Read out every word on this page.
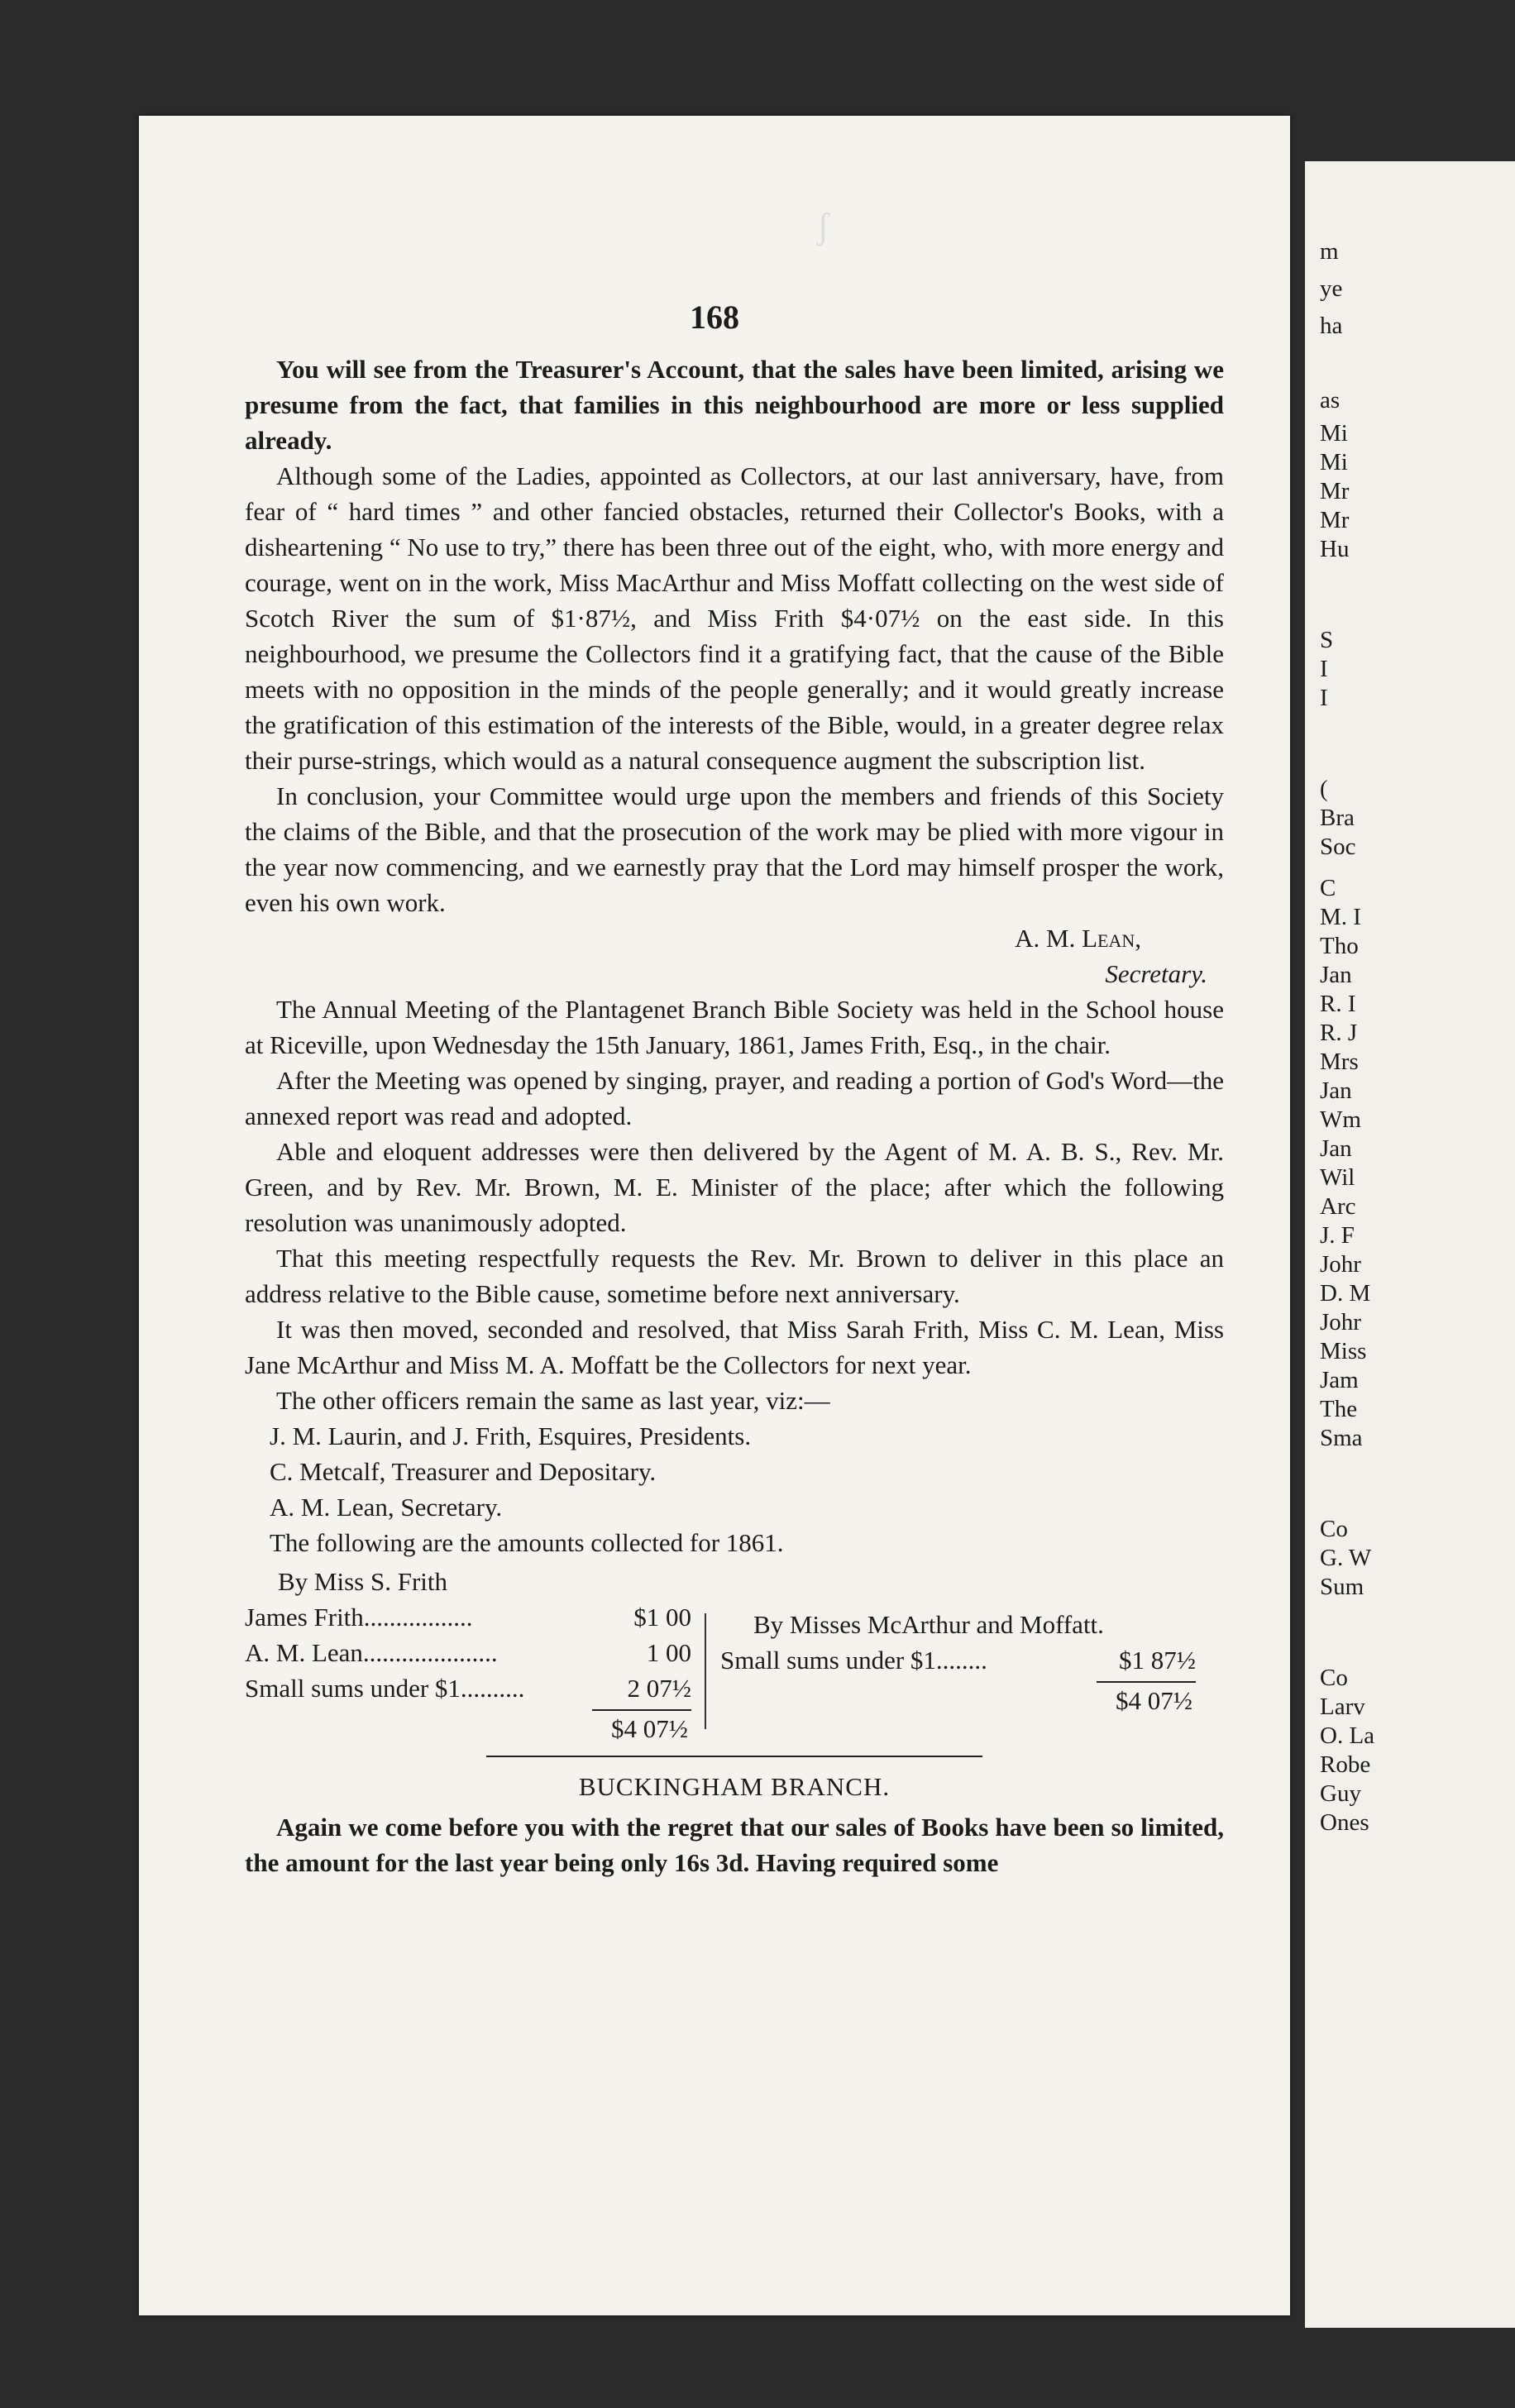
ʃ
168

You will see from the Treasurer's Account, that the sales have been limited, arising we presume from the fact, that families in this neighbourhood are more or less supplied already.

Although some of the Ladies, appointed as Collectors, at our last anniversary, have, from fear of “ hard times ” and other fancied obstacles, returned their Collector's Books, with a disheartening “ No use to try,” there has been three out of the eight, who, with more energy and courage, went on in the work, Miss MacArthur and Miss Moffatt collecting on the west side of Scotch River the sum of $1·87½, and Miss Frith $4·07½ on the east side. In this neighbourhood, we presume the Collectors find it a gratifying fact, that the cause of the Bible meets with no opposition in the minds of the people generally; and it would greatly increase the gratification of this estimation of the interests of the Bible, would, in a greater degree relax their purse-strings, which would as a natural consequence augment the subscription list.

In conclusion, your Committee would urge upon the members and friends of this Society the claims of the Bible, and that the prosecution of the work may be plied with more vigour in the year now commencing, and we earnestly pray that the Lord may himself prosper the work, even his own work.

A. M. Lean,
Secretary.

The Annual Meeting of the Plantagenet Branch Bible Society was held in the School house at Riceville, upon Wednesday the 15th January, 1861, James Frith, Esq., in the chair.

After the Meeting was opened by singing, prayer, and reading a portion of God's Word—the annexed report was read and adopted.

Able and eloquent addresses were then delivered by the Agent of M. A. B. S., Rev. Mr. Green, and by Rev. Mr. Brown, M. E. Minister of the place; after which the following resolution was unanimously adopted.

That this meeting respectfully requests the Rev. Mr. Brown to deliver in this place an address relative to the Bible cause, sometime before next anniversary.

It was then moved, seconded and resolved, that Miss Sarah Frith, Miss C. M. Lean, Miss Jane McArthur and Miss M. A. Moffatt be the Collectors for next year.

The other officers remain the same as last year, viz:—

J. M. Laurin, and J. Frith, Esquires, Presidents.
C. Metcalf, Treasurer and Depositary.
A. M. Lean, Secretary.
The following are the amounts collected for 1861.
By Miss S. Frith
James Frith.................	$1 00
A. M. Lean.....................	1 00
Small sums under $1..........	2 07½
$4 07½
By Misses McArthur and Moffatt.
Small sums under $1........	$1 87½
$4 07½
BUCKINGHAM BRANCH.

Again we come before you with the regret that our sales of Books have been so limited, the amount for the last year being only 16s 3d. Having required some

m
ye
ha
as
Mi
Mi
Mr
Mr
Hu
S
I
I
(
Bra
Soc
C
M. I
Tho
Jan
R. I
R. J
Mrs
Jan
Wm
Jan
Wil
Arc
J. F
Johr
D. M
Johr
Miss
Jam
The
Sma
Co
G. W
Sum
Co
Larv
O. La
Robe
Guy
Ones
